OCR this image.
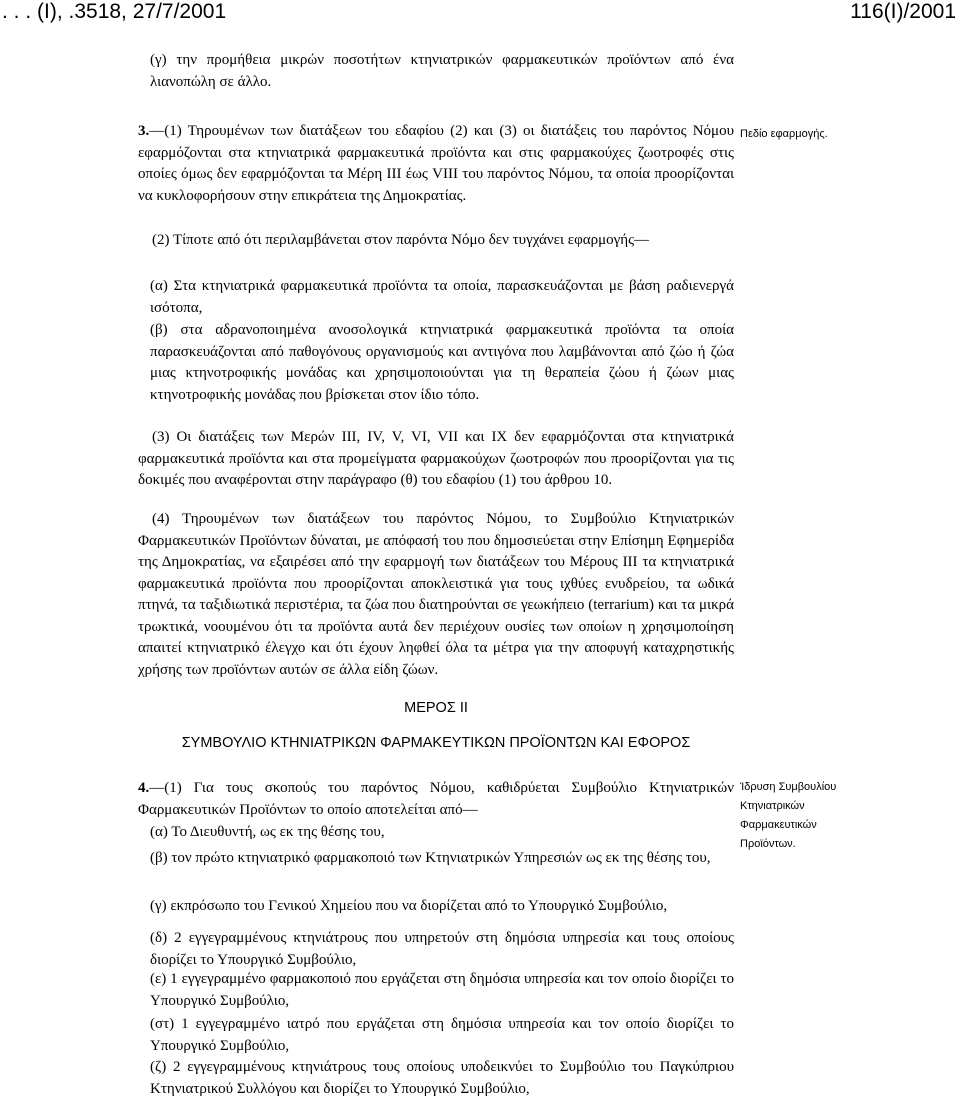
. . . (Ι), .3518, 27/7/2001	116(Ι)/2001

(γ) την προμήθεια μικρών ποσοτήτων κτηνιατρικών φαρμακευτικών προϊόντων από ένα λιανοπώλη σε άλλο.

3.—(1) Τηρουμένων των διατάξεων του εδαφίου (2) και (3) οι διατάξεις του παρόντος Νόμου εφαρμόζονται στα κτηνιατρικά φαρμακευτικά προϊόντα και στις φαρμακούχες ζωοτροφές στις οποίες όμως δεν εφαρμόζονται τα Μέρη ΙΙΙ έως VIII του παρόντος Νόμου, τα οποία προορίζονται να κυκλοφορήσουν στην επικράτεια της Δημοκρατίας.

Πεδίο εφαρμογής.

(2) Τίποτε από ότι περιλαμβάνεται στον παρόντα Νόμο δεν τυγχάνει εφαρμογής—

(α) Στα κτηνιατρικά φαρμακευτικά προϊόντα τα οποία, παρασκευάζονται με βάση ραδιενεργά ισότοπα,

(β) στα αδρανοποιημένα ανοσολογικά κτηνιατρικά φαρμακευτικά προϊόντα τα οποία παρασκευάζονται από παθογόνους οργανισμούς και αντιγόνα που λαμβάνονται από ζώο ή ζώα μιας κτηνοτροφικής μονάδας και χρησιμοποιούνται για τη θεραπεία ζώου ή ζώων μιας κτηνοτροφικής μονάδας που βρίσκεται στον ίδιο τόπο.

(3) Οι διατάξεις των Μερών ΙΙΙ, IV, V, VI, VII και ΙΧ δεν εφαρμόζονται στα κτηνιατρικά φαρμακευτικά προϊόντα και στα προμείγματα φαρμακούχων ζωοτροφών που προορίζονται για τις δοκιμές που αναφέρονται στην παράγραφο (θ) του εδαφίου (1) του άρθρου 10.

(4) Τηρουμένων των διατάξεων του παρόντος Νόμου, το Συμβούλιο Κτηνιατρικών Φαρμακευτικών Προϊόντων δύναται, με απόφασή του που δημοσιεύεται στην Επίσημη Εφημερίδα της Δημοκρατίας, να εξαιρέσει από την εφαρμογή των διατάξεων του Μέρους ΙΙΙ τα κτηνιατρικά φαρμακευτικά προϊόντα που προορίζονται αποκλειστικά για τους ιχθύες ενυδρείου, τα ωδικά πτηνά, τα ταξιδιωτικά περιστέρια, τα ζώα που διατηρούνται σε γεωκήπειο (terrarium) και τα μικρά τρωκτικά, νοουμένου ότι τα προϊόντα αυτά δεν περιέχουν ουσίες των οποίων η χρησιμοποίηση απαιτεί κτηνιατρικό έλεγχο και ότι έχουν ληφθεί όλα τα μέτρα για την αποφυγή καταχρηστικής χρήσης των προϊόντων αυτών σε άλλα είδη ζώων.

ΜΕΡΟΣ ΙΙ
ΣΥΜΒΟΥΛΙΟ ΚΤΗΝΙΑΤΡΙΚΩΝ ΦΑΡΜΑΚΕΥΤΙΚΩΝ ΠΡΟΪΟΝΤΩΝ ΚΑΙ ΕΦΟΡΟΣ

4.—(1) Για τους σκοπούς του παρόντος Νόμου, καθιδρύεται Συμβούλιο Κτηνιατρικών Φαρμακευτικών Προϊόντων το οποίο αποτελείται από—

Ίδρυση Συμβουλίου Κτηνιατρικών Φαρμακευτικών Προϊόντων.

(α) Το Διευθυντή, ως εκ της θέσης του,

(β) τον πρώτο κτηνιατρικό φαρμακοποιό των Κτηνιατρικών Υπηρεσιών ως εκ της θέσης του,

(γ) εκπρόσωπο του Γενικού Χημείου που να διορίζεται από το Υπουργικό Συμβούλιο,

(δ) 2 εγγεγραμμένους κτηνιάτρους που υπηρετούν στη δημόσια υπηρεσία και τους οποίους διορίζει το Υπουργικό Συμβούλιο,

(ε) 1 εγγεγραμμένο φαρμακοποιό που εργάζεται στη δημόσια υπηρεσία και τον οποίο διορίζει το Υπουργικό Συμβούλιο,

(στ) 1 εγγεγραμμένο ιατρό που εργάζεται στη δημόσια υπηρεσία και τον οποίο διορίζει το Υπουργικό Συμβούλιο,

(ζ) 2 εγγεγραμμένους κτηνιάτρους τους οποίους υποδεικνύει το Συμβούλιο του Παγκύπριου Κτηνιατρικού Συλλόγου και διορίζει το Υπουργικό Συμβούλιο,
